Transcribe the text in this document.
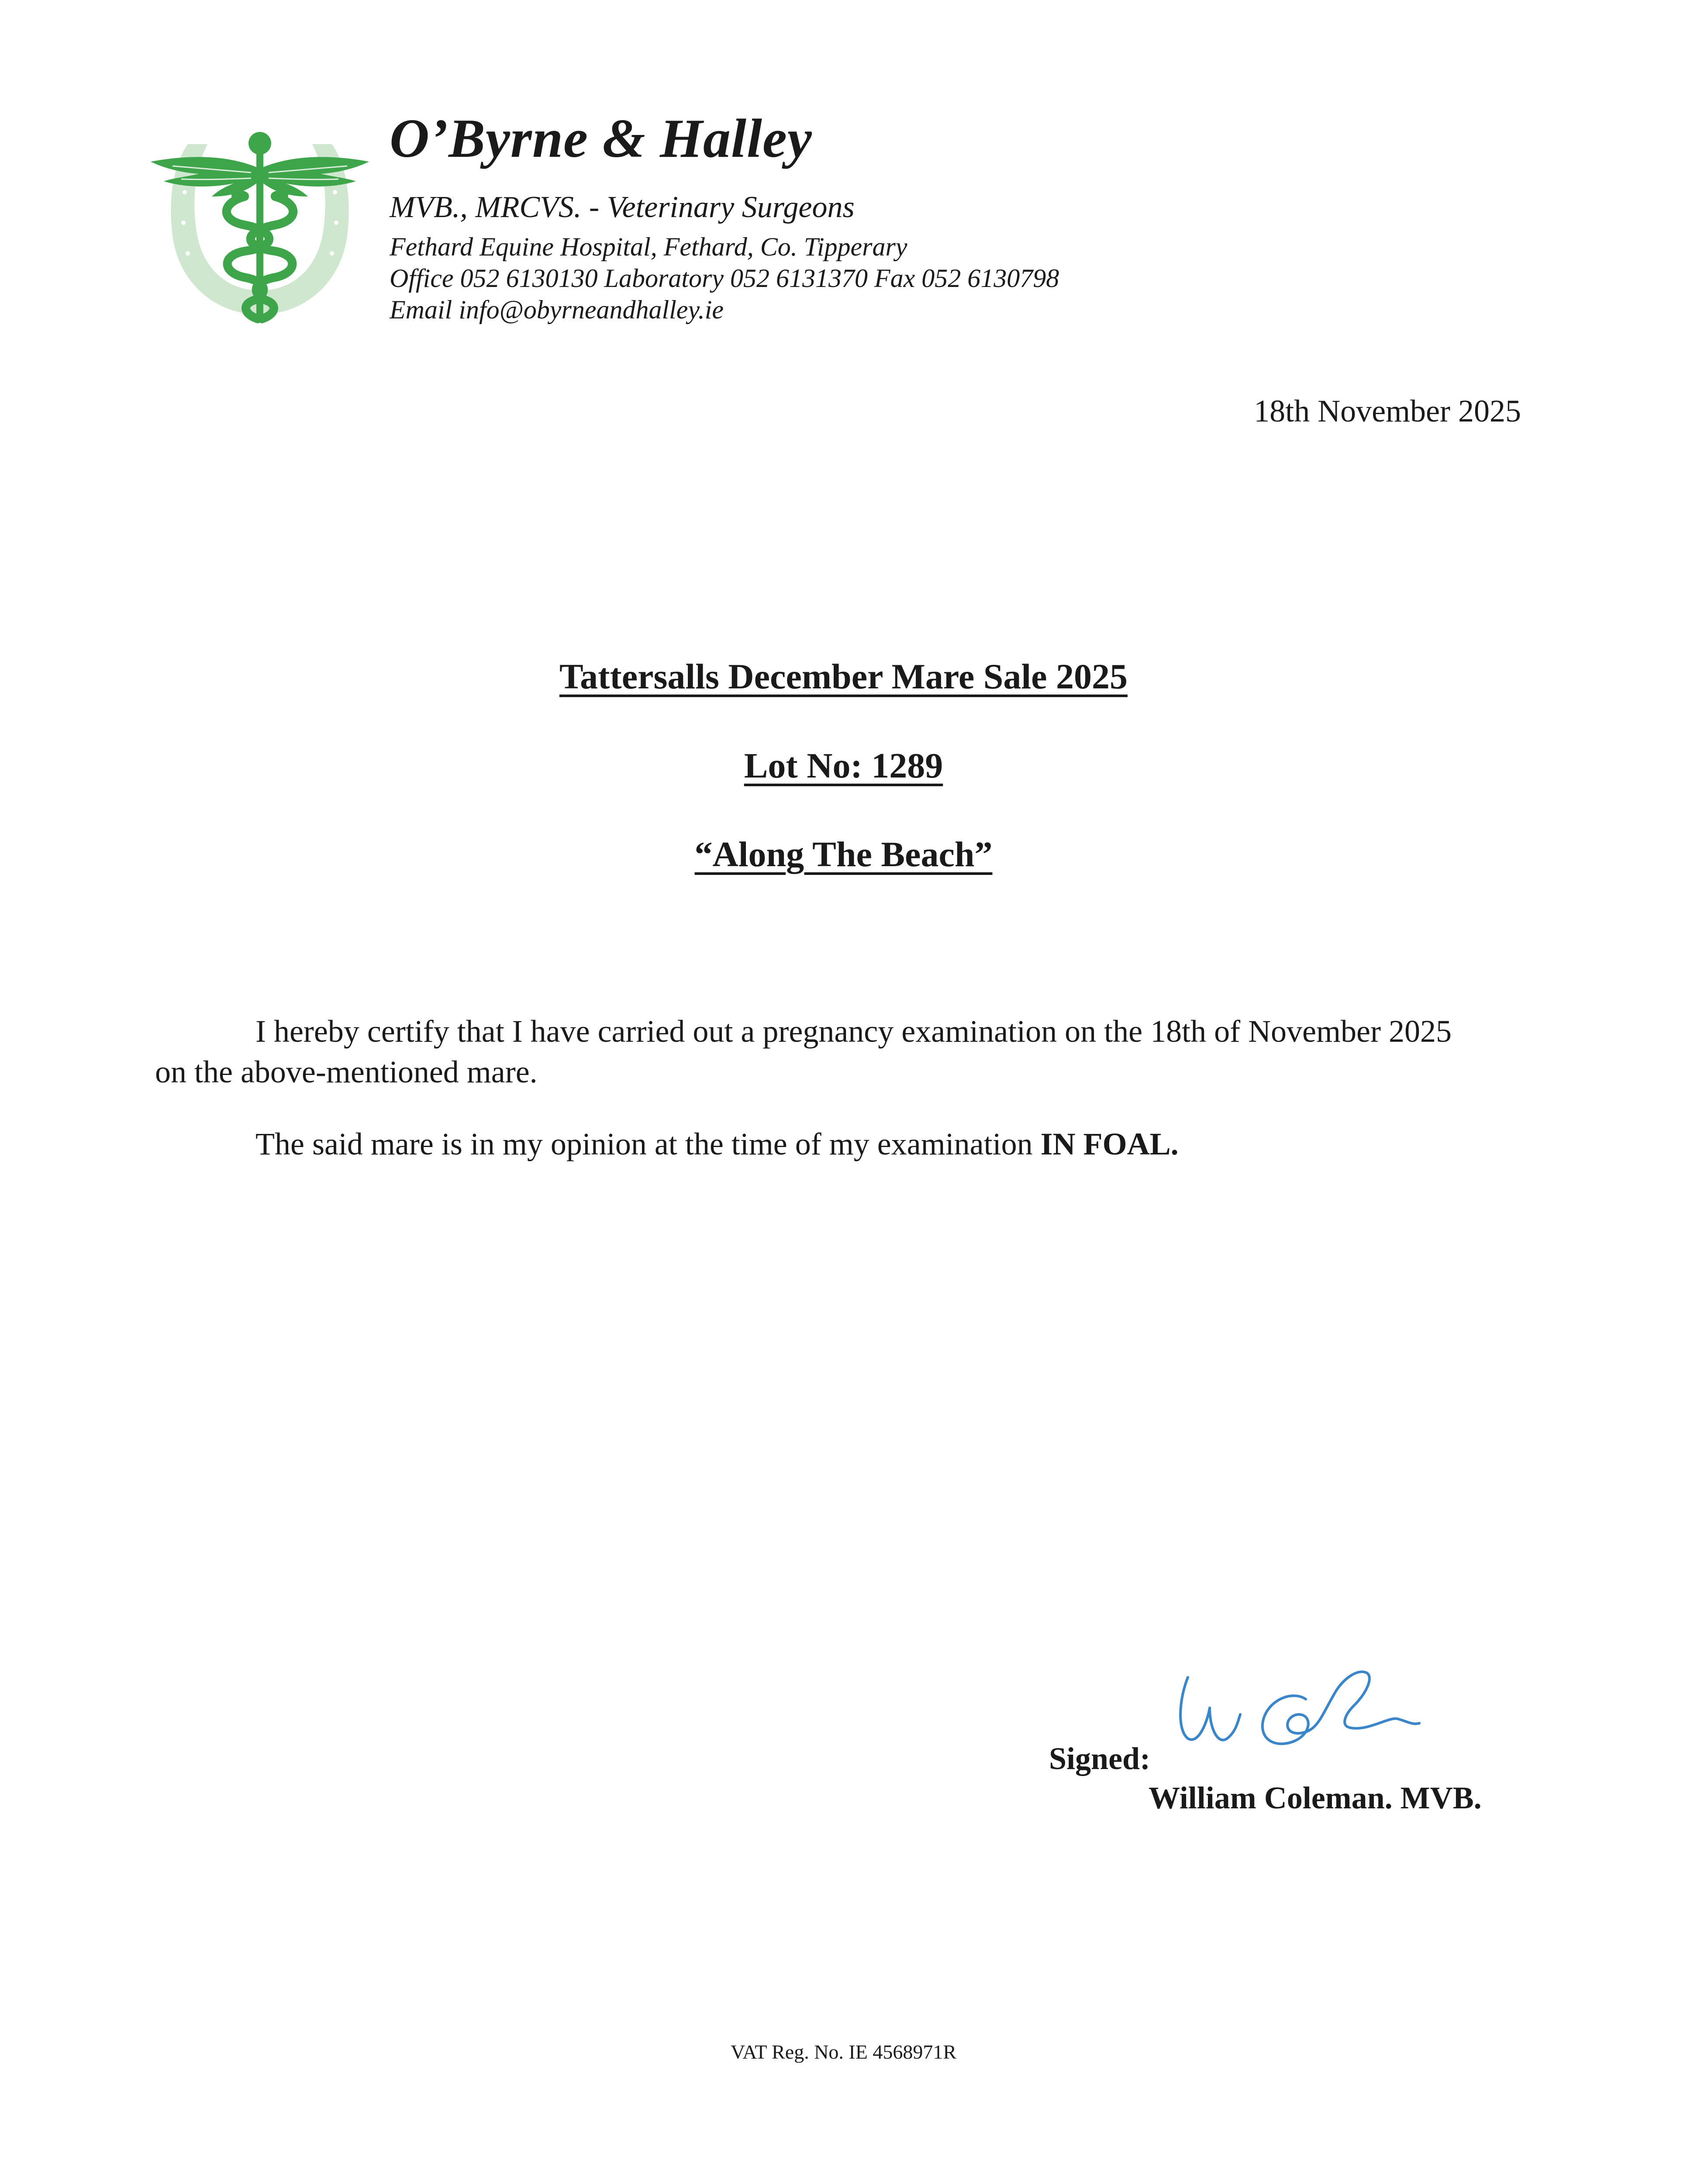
O’Byrne & Halley
MVB., MRCVS. - Veterinary Surgeons
Fethard Equine Hospital, Fethard, Co. Tipperary
Office 052 6130130 Laboratory 052 6131370 Fax 052 6130798
Email info@obyrneandhalley.ie
18th November 2025
Tattersalls December Mare Sale 2025
Lot No: 1289
“Along The Beach”
I hereby certify that I have carried out a pregnancy examination on the 18th of November 2025
on the above-mentioned mare.
The said mare is in my opinion at the time of my examination IN FOAL.
Signed:
William Coleman. MVB.
VAT Reg. No. IE 4568971R
